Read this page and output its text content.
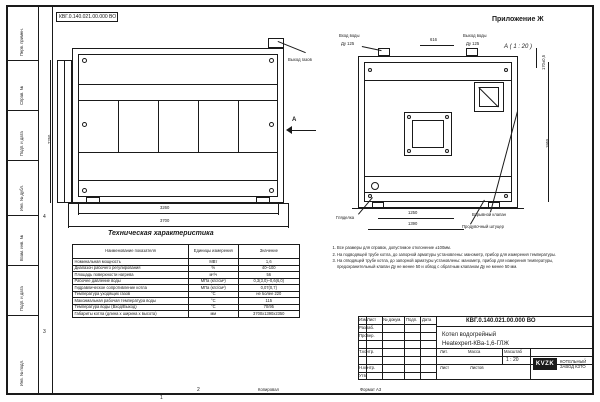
Перв. примен.
Справ. №
Подп. и дата
Инв. № дубл.
Взам. инв. №
Подп. и дата
Инв. № подл.
1
2
4
3
Выход газов
А
2250
3260
3700
КВГ.0.140.021.00.000 ВО	Приложение Ж
А ( 1 : 20 )
Вход воды
Ду 125
Выход воды
Ду 125
616
170±0,5
1955
Гляделка
Взрывной клапан
Продувочный штуцер
1250
1390
Техническая характеристика
Наименование показателя	Единицы измерения	Значение
Номинальная мощность	МВт	1,6
Диапазон рабочего регулирования	%	40–100
Площадь поверхности нагрева	м²/ч	56
Рабочее давление воды	МПа (кгс/см²)	0,3(3,0)–0,6(6,0)
Гидравлическое сопротивление котла	МПа (кгс/см²)	0,07(0,7)
Температура уходящих газов	°С	не более 220
Максимальная рабочая температура воды	°С	115
Температура воды (Вход/Выход)	°С	70/95
Габариты котла (длина х ширина х высота)	мм	3700х1390х2350
1. Все размеры для справок, допустимое отклонение ±100мм.
2. На подводящей трубе котла, до запорной арматуры установлены: манометр, прибор для измерения температуры.
3. На отводящей трубе котла, до запорной арматуры установлены: манометр, прибор для измерения температуры, предохранительный клапан Ду не менее 50 и обвод с обратным клапаном Ду не менее 50 мм.
Изм. Лист № докум. Подп. Дата
Разраб.
Провер.
Т.контр.
Н.контр.
Утв.
КВГ.0.140.021.00.000 ВО
Котел водогрейный
Heatexpert-КВа-1,6-ГЛЖ
Лит.	Масса	Масштаб
1 : 20
Лист	Листов
KVZK	КОТЕЛЬНЫЙ ЗАВОД КЗТО
Копировал	Формат А3
